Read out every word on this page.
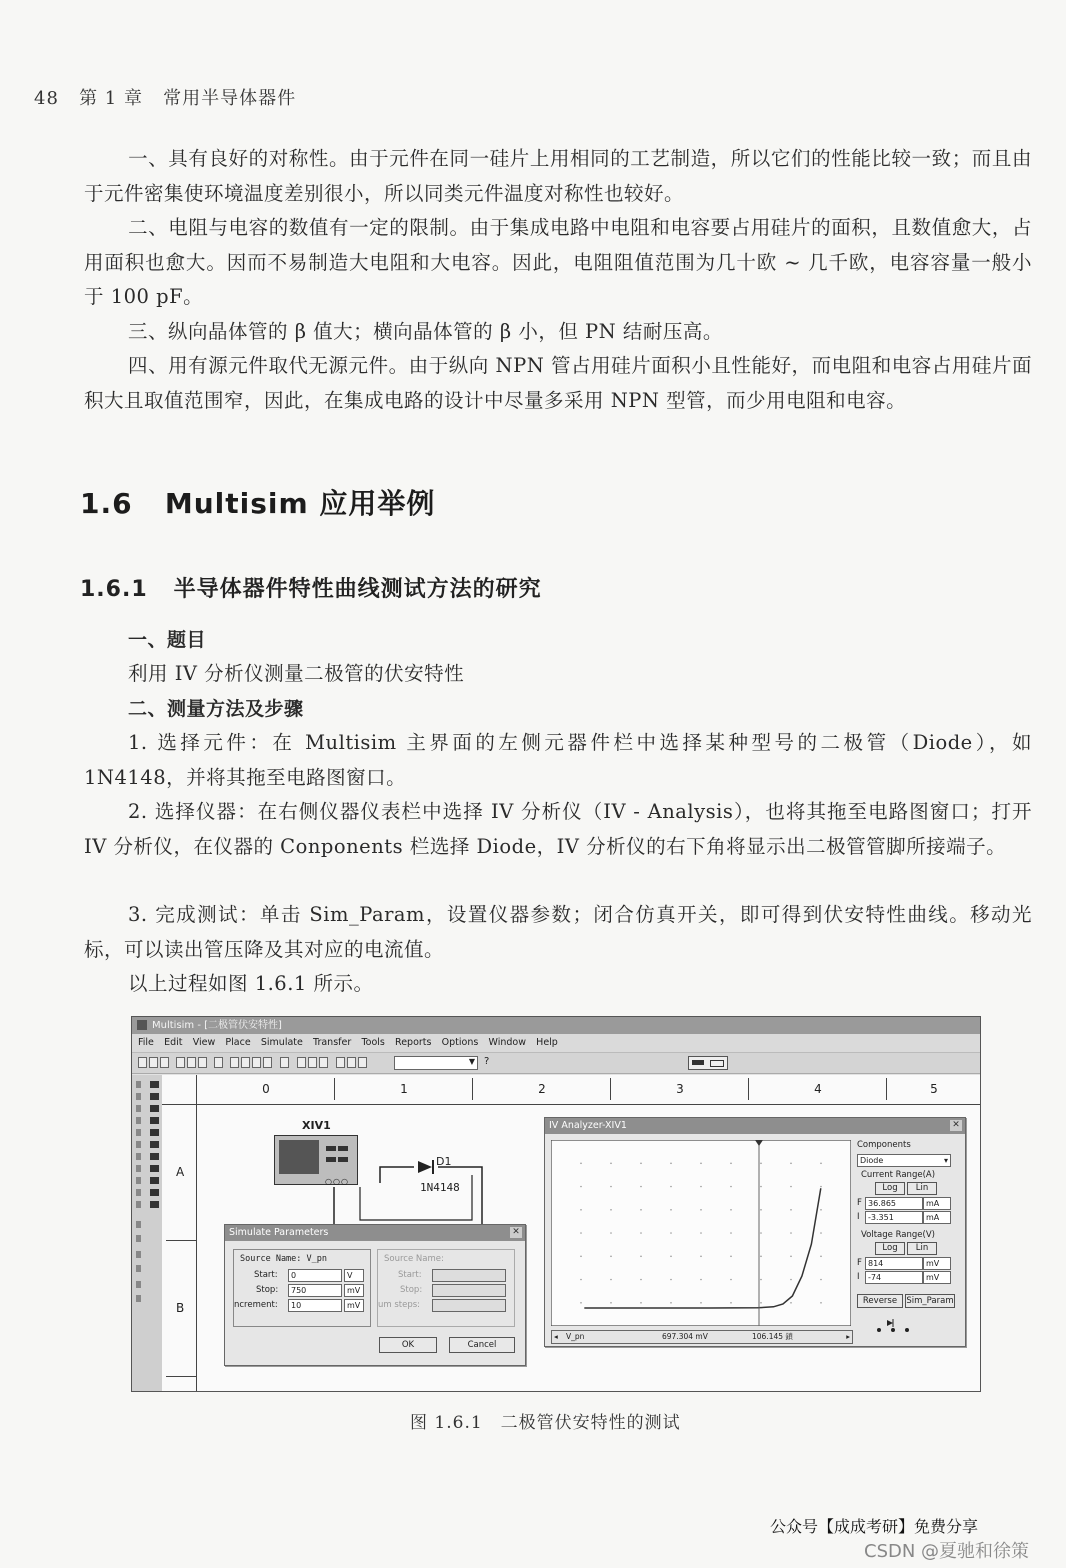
48 第 1 章 常用半导体器件
一、具有良好的对称性。由于元件在同一硅片上用相同的工艺制造，所以它们的性能比较一致；而且由于元件密集使环境温度差别很小，所以同类元件温度对称性也较好。
二、电阻与电容的数值有一定的限制。由于集成电路中电阻和电容要占用硅片的面积，且数值愈大，占用面积也愈大。因而不易制造大电阻和大电容。因此，电阻阻值范围为几十欧 ~ 几千欧，电容容量一般小于 100 pF。
三、纵向晶体管的 β 值大；横向晶体管的 β 小，但 PN 结耐压高。
四、用有源元件取代无源元件。由于纵向 NPN 管占用硅片面积小且性能好，而电阻和电容占用硅片面积大且取值范围窄，因此，在集成电路的设计中尽量多采用 NPN 型管，而少用电阻和电容。
1.6 Multisim 应用举例
1.6.1 半导体器件特性曲线测试方法的研究
一、题目
利用 IV 分析仪测量二极管的伏安特性
二、测量方法及步骤
1. 选择元件：在 Multisim 主界面的左侧元器件栏中选择某种型号的二极管（Diode），如 1N4148，并将其拖至电路图窗口。
2. 选择仪器：在右侧仪器仪表栏中选择 IV 分析仪（IV - Analysis），也将其拖至电路图窗口；打开 IV 分析仪，在仪器的 Conponents 栏选择 Diode，IV 分析仪的右下角将显示出二极管管脚所接端子。
3. 完成测试：单击 Sim_Param，设置仪器参数；闭合仿真开关，即可得到伏安特性曲线。移动光标，可以读出管压降及其对应的电流值。
以上过程如图 1.6.1 所示。
Multisim - [二极管伏安特性]
File Edit View Place Simulate Transfer Tools Reports Options Window Help
▼ ?
0	1	2	3	4	5
A
B
XIV1

○○○
D1
1N4148
Simulate Parameters	✕
Source Name: V_pn
Start:	0	V
Stop:	750	mV
ncrement:	10	mV
Source Name:
Start:
Stop:
um steps:
OK	Cancel
IV Analyzer-XIV1	✕
◂ V_pn	697.304 mV	106.145 鎖	▸
Components
Diode	▾
Current Range(A)
Log	Lin
F 36.865	mA
I	-3.351	mA
Voltage Range(V)
Log	Lin
F 814	mV
I	-74	mV
Reverse	Sim_Param
图 1.6.1　二极管伏安特性的测试
公众号【成成考研】免费分享
CSDN @夏驰和徐策
